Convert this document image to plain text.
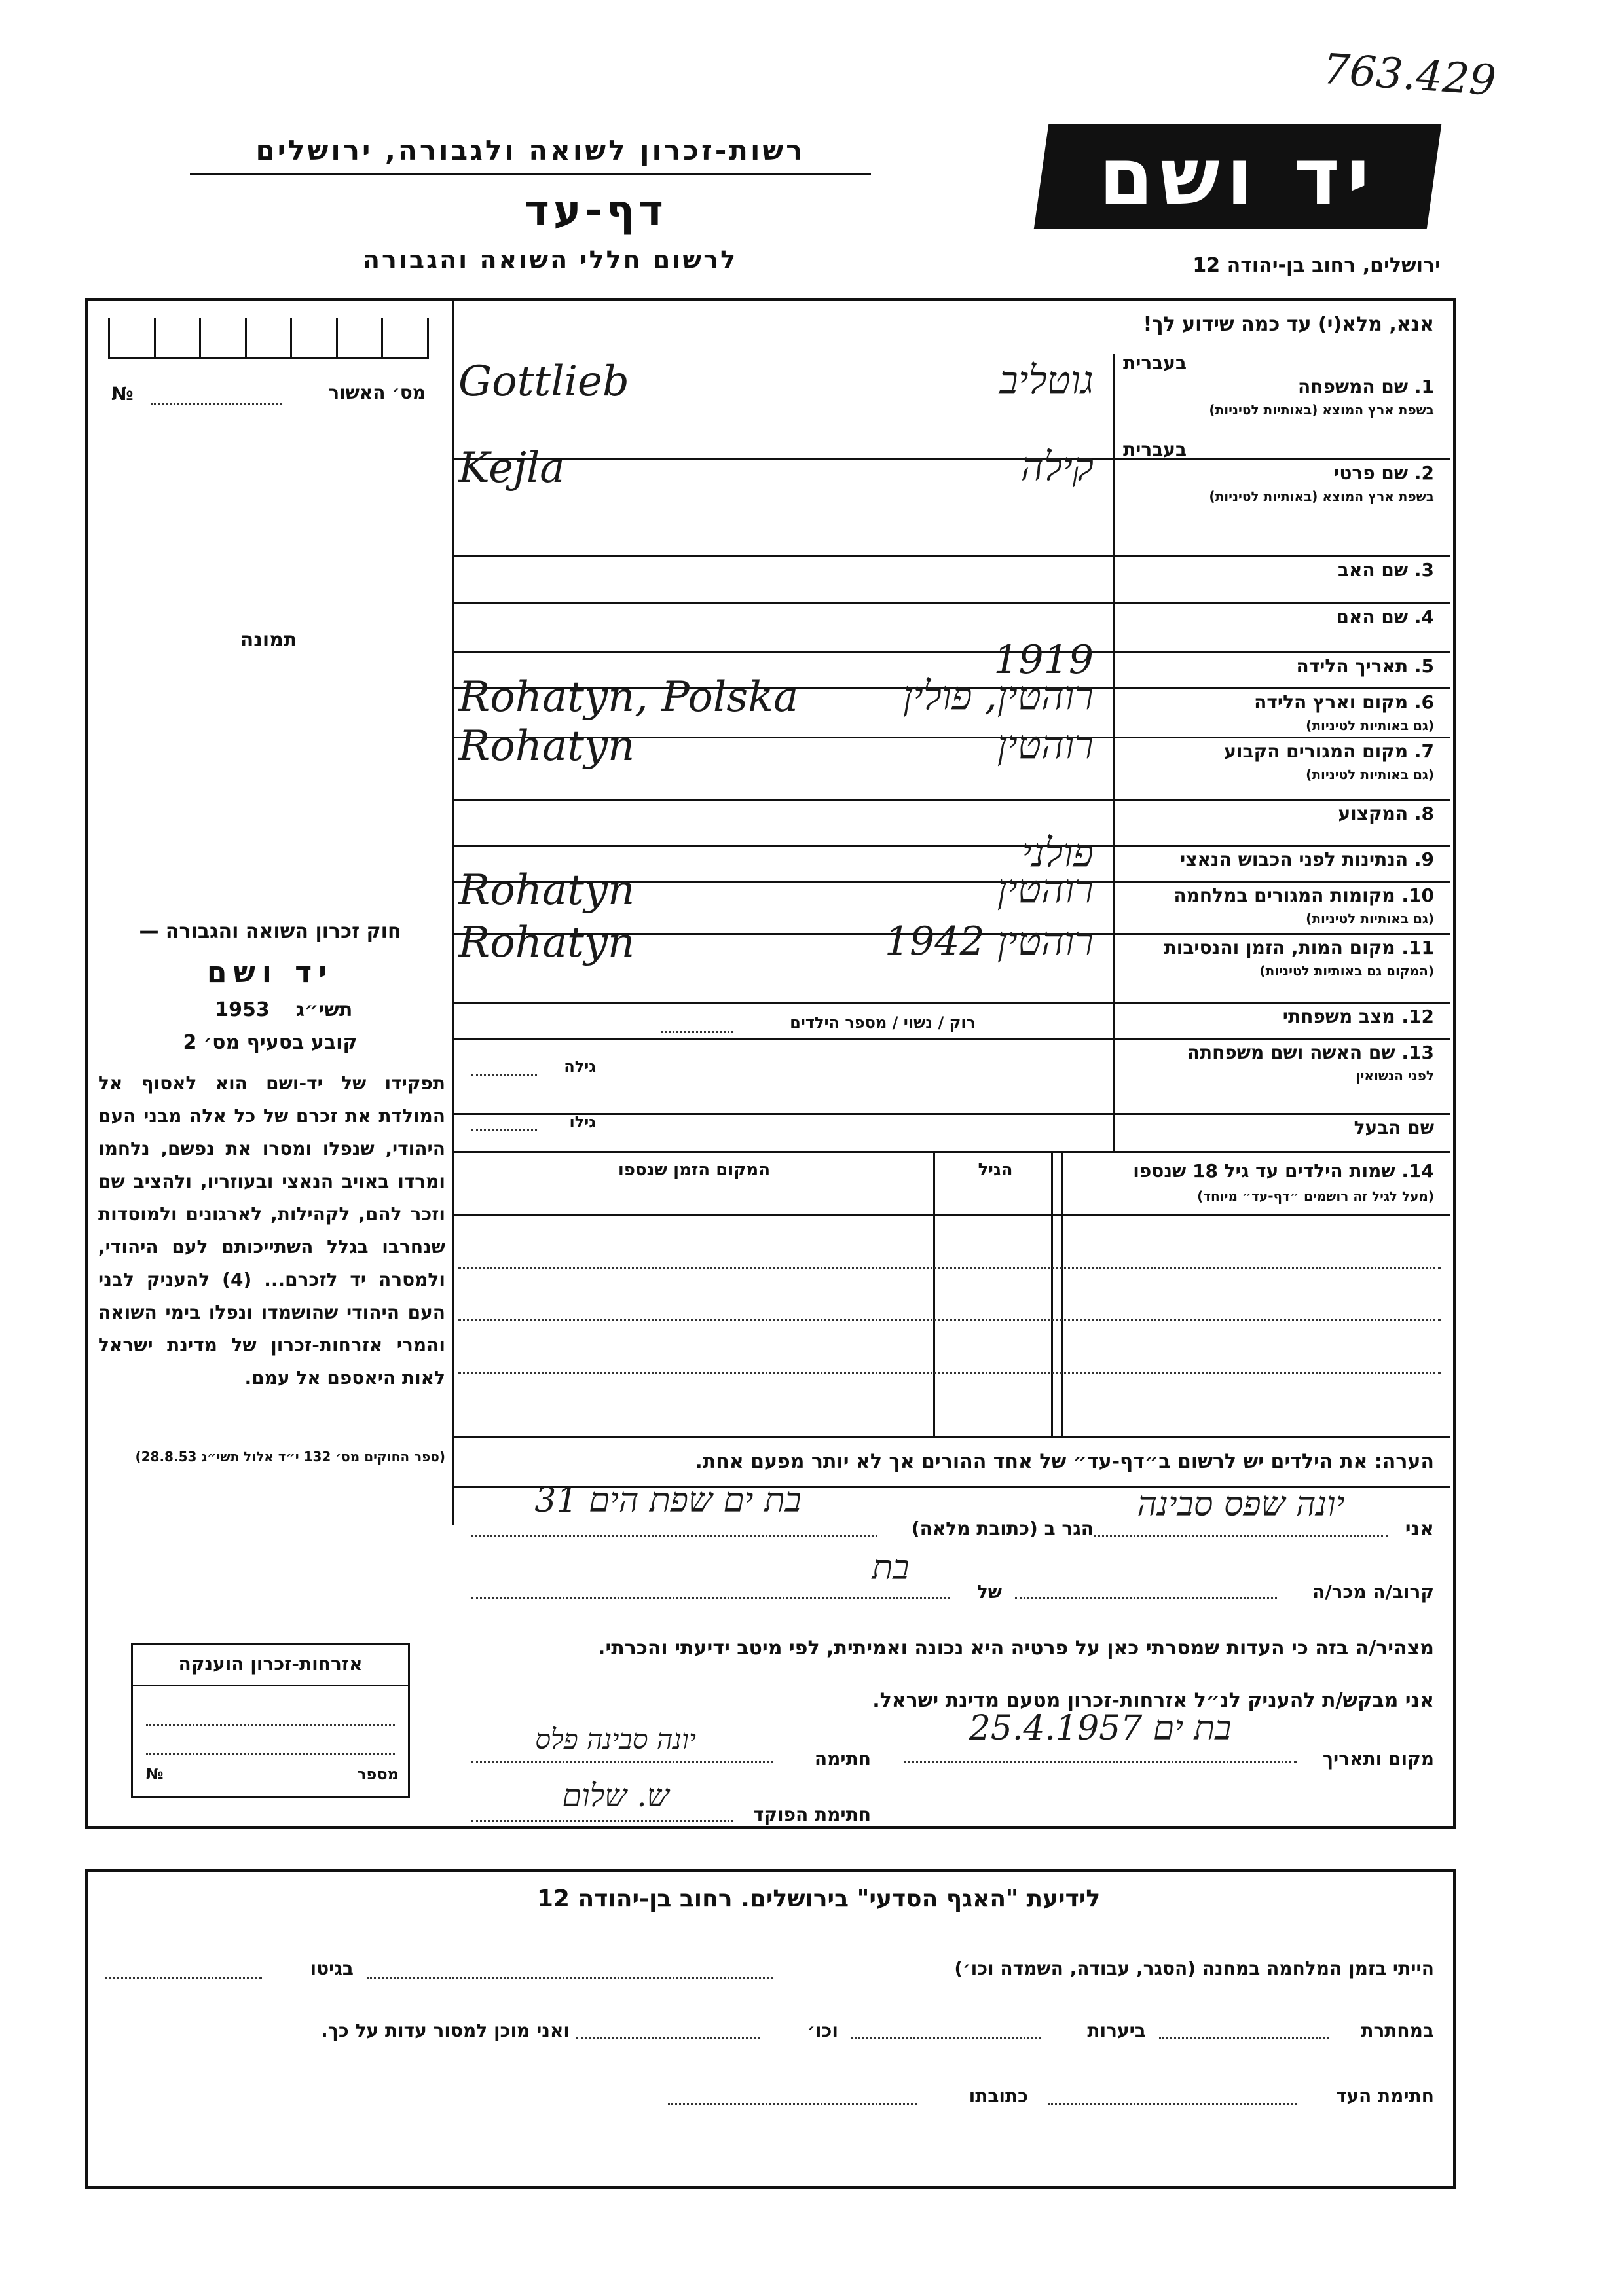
763.429
יד ושם
רשות-זכרון לשואה ולגבורה, ירושלים
דף-עד
לרשום חללי השואה והגבורה	ירושלים, רחוב בן-יהודה 12
מס׳ האשור
№
תמונה
חוק זכרון השואה והגבורה —
יד ושם
תשי״ג
1953
קובע בסעיף מס׳ 2
תפקידו של יד-ושם הוא לאסוף אל המולדת את זכרם של כל אלה מבני העם היהודי, שנפלו ומסרו את נפשם, נלחמו ומרדו באויב הנאצי ובעוזריו, ולהציב שם וזכר להם, לקהילות, לארגונים ולמוסדות שנחרבו בגלל השתייכותם לעם היהודי, ולמסרה יד לזכרם... (4) להעניק לבני העם היהודי שהושמדו ונפלו בימי השואה והמרי אזרחות-זכרון של מדינת ישראל לאות היאספם אל עמם.
(ספר החוקים מס׳ 132 י״ד אלול תשי״ג 28.8.53)
אזרחות-זכרון הוענקה
מספר
№
אנא, מלא(י) עד כמה שידוע לך!
1. שם המשפחה
בעברית
בשפת ארץ המוצא (באותיות לטיניות)
Gottlieb	גוטליב
2. שם פרטי
בעברית
בשפת ארץ המוצא (באותיות לטיניות)
Kejla	קילה
3. שם האב
4. שם האם
5. תאריך הלידה
1919
6. מקום וארץ הלידה
(גם באותיות לטיניות)
Rohatyn, Polska	רוהטין, פולין
7. מקום המגורים הקבוע
(גם באותיות לטיניות)
Rohatyn	רוהטין
8. המקצוע
9. הנתינות לפני הכבוש הנאצי
פולני
10. מקומות המגורים במלחמה
(גם באותיות לטיניות)
Rohatyn	רוהטין
11. מקום המות, הזמן והנסיבות
(המקום גם באותיות לטיניות)
Rohatyn	רוהטין 1942
12. מצב משפחתי
13. שם האשה ושם משפחתה
לפני הנשואין
שם הבעל
רוק / נשוי / מספר הילדים
גילה
גילו
14. שמות הילדים עד גיל 18 שנספו
(מעל לגיל זה רושמים ״דף-עד״ מיוחד)
הגיל
המקום הזמן שנספו
הערה: את הילדים יש לרשום ב״דף-עד״ של אחד ההורים אך לא יותר מפעם אחת.
אני
יונה שפס סבינה
הגר ב (כתובת מלאה)
בת ים שפת הים 31
קרוב/ה מכר/ה
של
בת
מצהיר/ה בזה כי העדות שמסרתי כאן על פרטיה היא נכונה ואמיתית, לפי מיטב ידיעתי והכרתי.
אני מבקש/ת להעניק לנ״ל אזרחות-זכרון מטעם מדינת ישראל.
מקום ותאריך
בת ים 25.4.1957
חתימה
יונה סבינה פלס
חתימת הפוקד
ש. שלום
לידיעת "האגף הסדעי" בירושלים. רחוב בן-יהודה 12
הייתי בזמן המלחמה במחנה (הסגר, עבודה, השמדה וכו׳)
בגיטו
במחתרת
ביערות
וכו׳
ואני מוכן למסור עדות על כך.
חתימת העד
כתובתו
